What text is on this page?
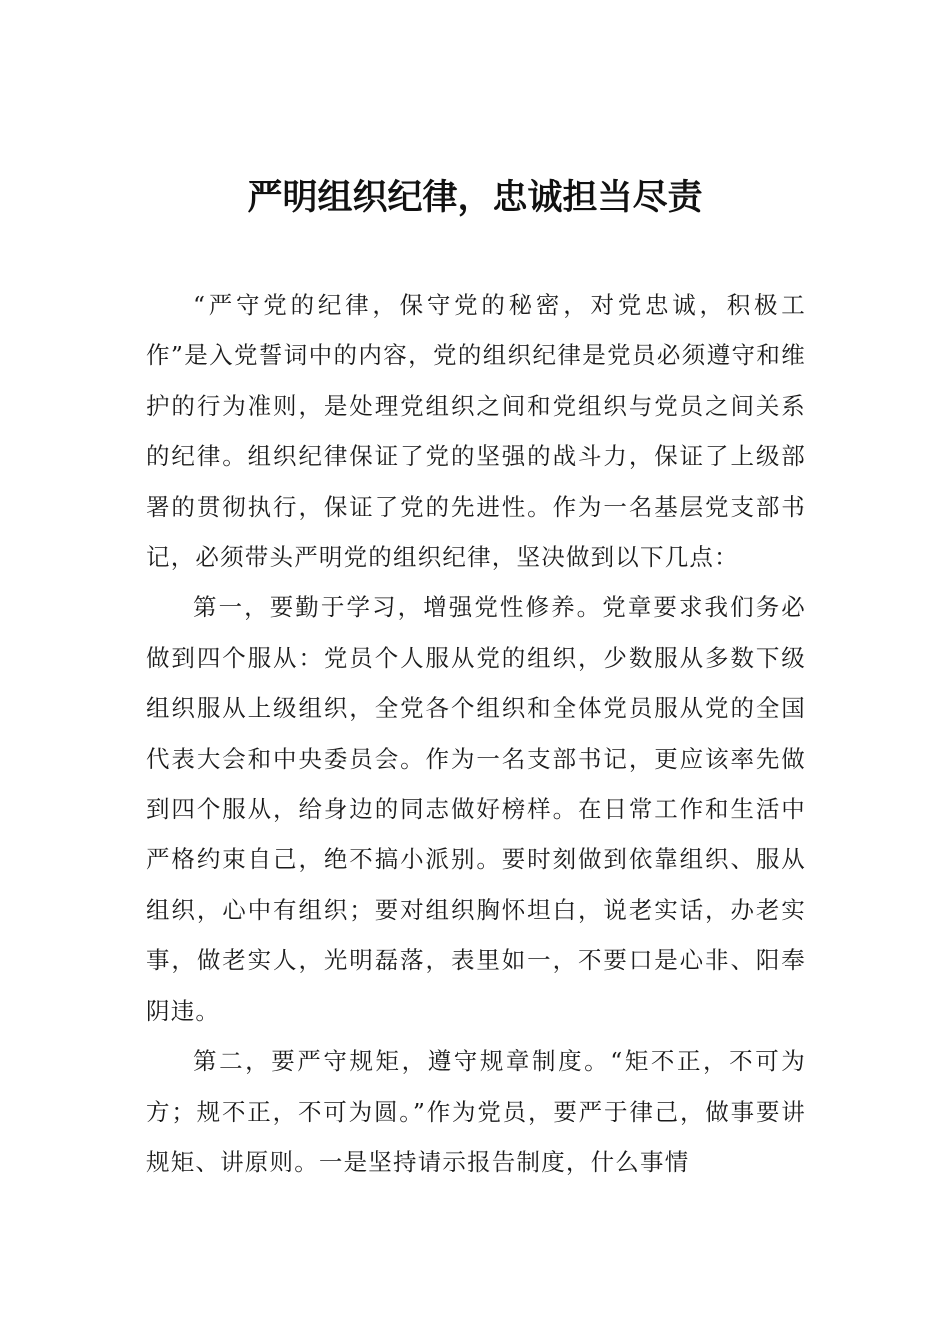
严明组织纪律，忠诚担当尽责

“严守党的纪律，保守党的秘密，对党忠诚，积极工作”是入党誓词中的内容，党的组织纪律是党员必须遵守和维护的行为准则，是处理党组织之间和党组织与党员之间关系的纪律。组织纪律保证了党的坚强的战斗力，保证了上级部署的贯彻执行，保证了党的先进性。作为一名基层党支部书记，必须带头严明党的组织纪律，坚决做到以下几点：

第一，要勤于学习，增强党性修养。党章要求我们务必做到四个服从：党员个人服从党的组织，少数服从多数下级组织服从上级组织，全党各个组织和全体党员服从党的全国代表大会和中央委员会。作为一名支部书记，更应该率先做到四个服从，给身边的同志做好榜样。在日常工作和生活中严格约束自己，绝不搞小派别。要时刻做到依靠组织、服从组织，心中有组织；要对组织胸怀坦白，说老实话，办老实事，做老实人，光明磊落，表里如一，不要口是心非、阳奉阴违。

第二，要严守规矩，遵守规章制度。“矩不正，不可为方；规不正，不可为圆。”作为党员，要严于律己，做事要讲规矩、讲原则。一是坚持请示报告制度，什么事情
